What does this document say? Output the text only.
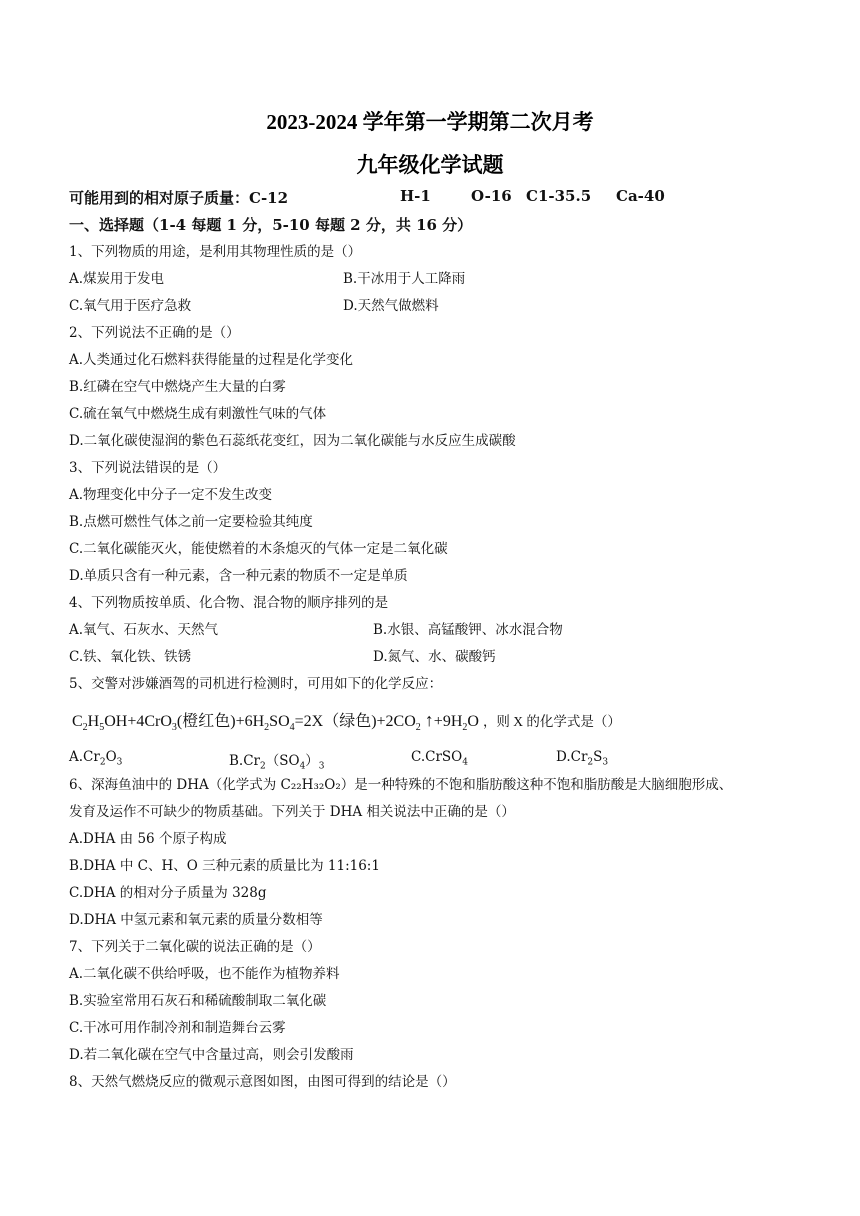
2023-2024 学年第一学期第二次月考
九年级化学试题
可能用到的相对原子质量：C-12	H-1	O-16 C1-35.5 Ca-40
一、选择题（1-4 每题 1 分，5-10 每题 2 分，共 16 分）
1、下列物质的用途，是利用其物理性质的是（）
A.煤炭用于发电	B.干冰用于人工降雨
C.氧气用于医疗急救	D.天然气做燃料
2、下列说法不正确的是（）
A.人类通过化石燃料获得能量的过程是化学变化
B.红磷在空气中燃烧产生大量的白雾
C.硫在氧气中燃烧生成有刺激性气味的气体
D.二氧化碳使湿润的紫色石蕊纸花变红，因为二氧化碳能与水反应生成碳酸
3、下列说法错误的是（）
A.物理变化中分子一定不发生改变
B.点燃可燃性气体之前一定要检验其纯度
C.二氧化碳能灭火，能使燃着的木条熄灭的气体一定是二氧化碳
D.单质只含有一种元素，含一种元素的物质不一定是单质
4、下列物质按单质、化合物、混合物的顺序排列的是
A.氧气、石灰水、天然气	B.水银、高锰酸钾、冰水混合物
C.铁、氧化铁、铁锈	D.氮气、水、碳酸钙
5、交警对涉嫌酒驾的司机进行检测时，可用如下的化学反应：
$C_2H_5OH+4CrO_3$(橙红色)$+6H_2SO_4=2X$（绿色)$+2CO_2$ $↑+9H_2O$ ，则 X 的化学式是（）
$A.Cr_2O_3$	$B.Cr_2(SO_4)_3$
C.CrSO$_4$	$D.Cr_2S_3$
6、深海鱼油中的 DHA（化学式为 C₂₂H₃₂O₂）是一种特殊的不饱和脂肪酸这种不饱和脂肪酸是大脑细胞形成、
发育及运作不可缺少的物质基础。下列关于 DHA 相关说法中正确的是（）
A.DHA 由 56 个原子构成
B.DHA 中 C、H、O 三种元素的质量比为 11:16:1
C.DHA 的相对分子质量为 328g
D.DHA 中氢元素和氧元素的质量分数相等
7、下列关于二氧化碳的说法正确的是（）
A.二氧化碳不供给呼吸，也不能作为植物养料
B.实验室常用石灰石和稀硫酸制取二氧化碳
C.干冰可用作制冷剂和制造舞台云雾
D.若二氧化碳在空气中含量过高，则会引发酸雨
8、天然气燃烧反应的微观示意图如图，由图可得到的结论是（）
